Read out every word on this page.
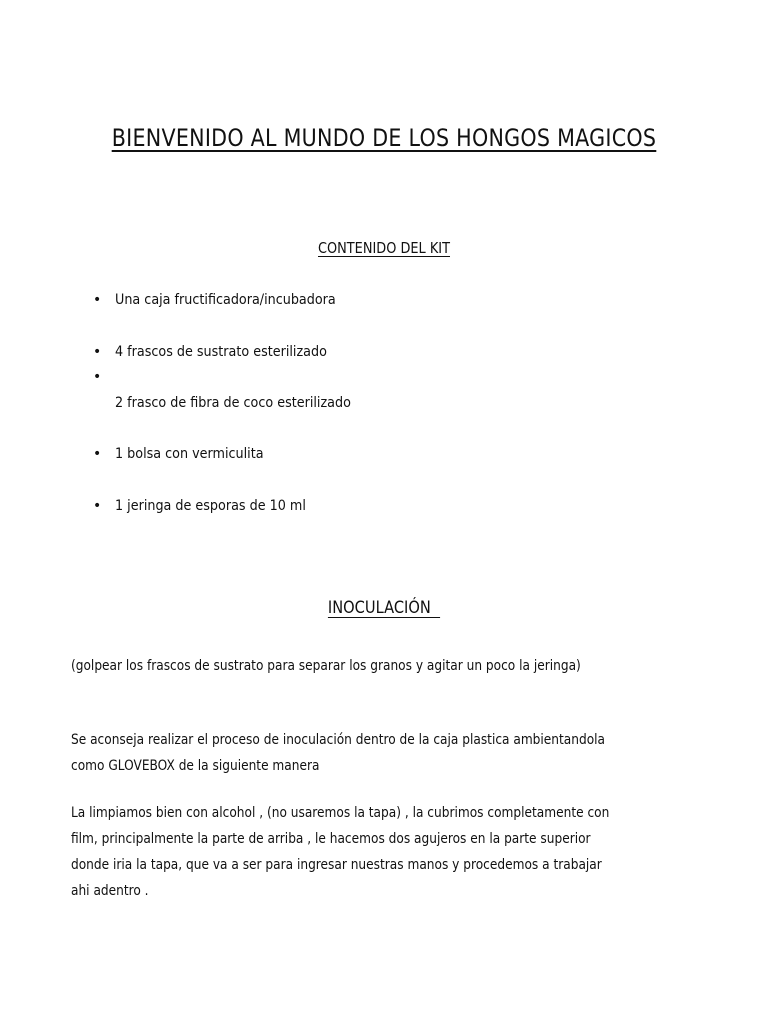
BIENVENIDO AL MUNDO DE LOS HONGOS MAGICOS
CONTENIDO DEL KIT
• Una caja fructificadora/incubadora
• 4 frascos de sustrato esterilizado
•
2 frasco de fibra de coco esterilizado
• 1 bolsa con vermiculita
• 1 jeringa de esporas de 10 ml
INOCULACIÓN

(golpear los frascos de sustrato para separar los granos y agitar un poco la jeringa)

Se aconseja realizar el proceso de inoculación dentro de la caja plastica ambientandola
como GLOVEBOX de la siguiente manera

La limpiamos bien con alcohol , (no usaremos la tapa) , la cubrimos completamente con
film, principalmente la parte de arriba , le hacemos dos agujeros en la parte superior
donde iria la tapa, que va a ser para ingresar nuestras manos y procedemos a trabajar
ahi adentro .
